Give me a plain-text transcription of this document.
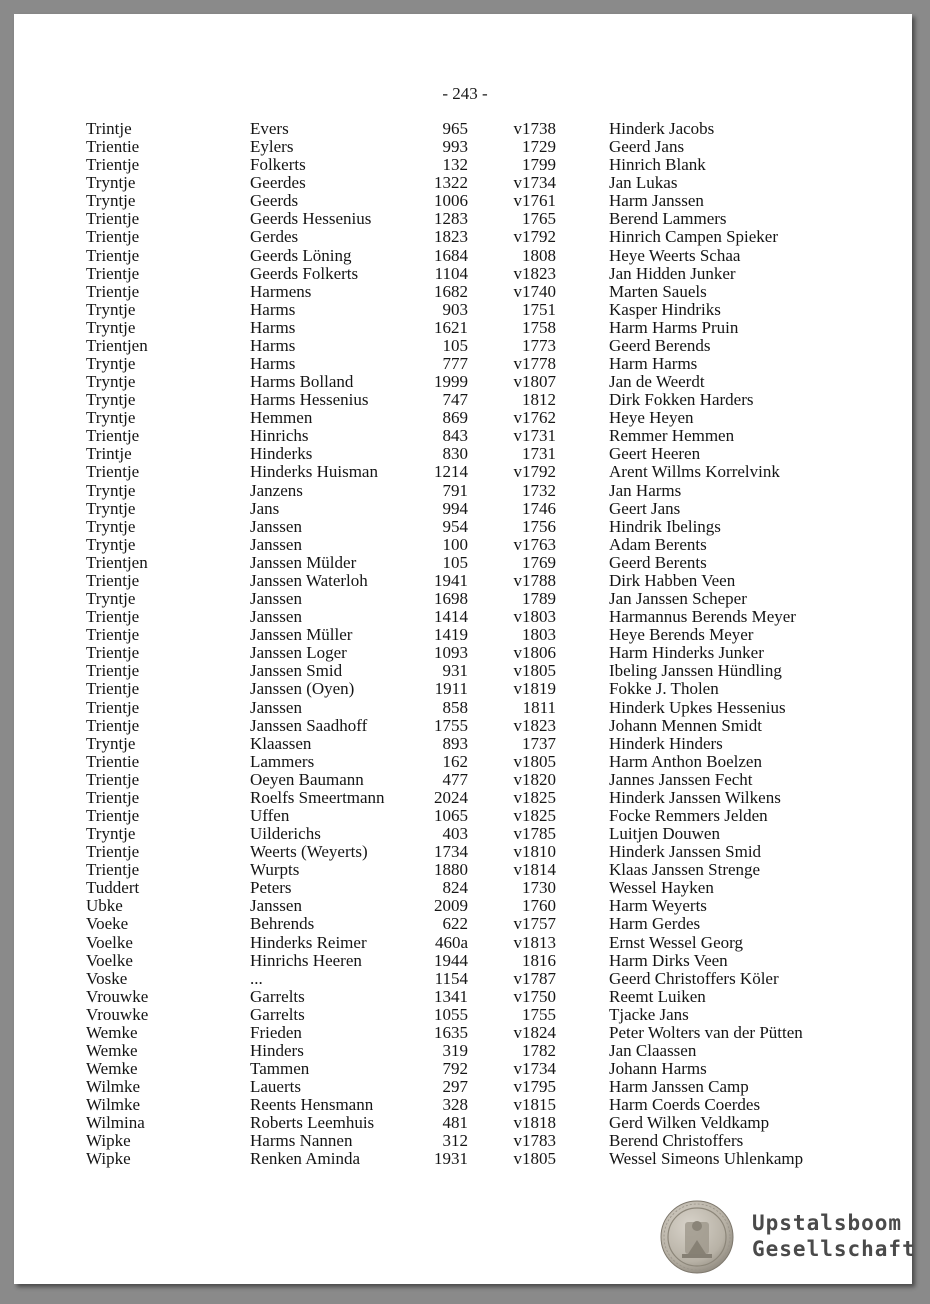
- 243 -
Trintje	Evers	965	v1738	Hinderk Jacobs
Trientie	Eylers	993	1729	Geerd Jans
Trientje	Folkerts	132	1799	Hinrich Blank
Tryntje	Geerdes	1322	v1734	Jan Lukas
Tryntje	Geerds	1006	v1761	Harm Janssen
Trientje	Geerds Hessenius	1283	1765	Berend Lammers
Trientje	Gerdes	1823	v1792	Hinrich Campen Spieker
Trientje	Geerds Löning	1684	1808	Heye Weerts Schaa
Trientje	Geerds Folkerts	1104	v1823	Jan Hidden Junker
Trientje	Harmens	1682	v1740	Marten Sauels
Tryntje	Harms	903	1751	Kasper Hindriks
Tryntje	Harms	1621	1758	Harm Harms Pruin
Trientjen	Harms	105	1773	Geerd Berends
Tryntje	Harms	777	v1778	Harm Harms
Tryntje	Harms Bolland	1999	v1807	Jan de Weerdt
Tryntje	Harms Hessenius	747	1812	Dirk Fokken Harders
Tryntje	Hemmen	869	v1762	Heye Heyen
Trientje	Hinrichs	843	v1731	Remmer Hemmen
Trintje	Hinderks	830	1731	Geert Heeren
Trientje	Hinderks Huisman	1214	v1792	Arent Willms Korrelvink
Tryntje	Janzens	791	1732	Jan Harms
Tryntje	Jans	994	1746	Geert Jans
Tryntje	Janssen	954	1756	Hindrik Ibelings
Tryntje	Janssen	100	v1763	Adam Berents
Trientjen	Janssen Mülder	105	1769	Geerd Berents
Trientje	Janssen Waterloh	1941	v1788	Dirk Habben Veen
Tryntje	Janssen	1698	1789	Jan Janssen Scheper
Trientje	Janssen	1414	v1803	Harmannus Berends Meyer
Trientje	Janssen Müller	1419	1803	Heye Berends Meyer
Trientje	Janssen Loger	1093	v1806	Harm Hinderks Junker
Trientje	Janssen Smid	931	v1805	Ibeling Janssen Hündling
Trientje	Janssen (Oyen)	1911	v1819	Fokke J. Tholen
Trientje	Janssen	858	1811	Hinderk Upkes Hessenius
Trientje	Janssen Saadhoff	1755	v1823	Johann Mennen Smidt
Tryntje	Klaassen	893	1737	Hinderk Hinders
Trientie	Lammers	162	v1805	Harm Anthon Boelzen
Trientje	Oeyen Baumann	477	v1820	Jannes Janssen Fecht
Trientje	Roelfs Smeertmann	2024	v1825	Hinderk Janssen Wilkens
Trientje	Uffen	1065	v1825	Focke Remmers Jelden
Tryntje	Uilderichs	403	v1785	Luitjen Douwen
Trientje	Weerts (Weyerts)	1734	v1810	Hinderk Janssen Smid
Trientje	Wurpts	1880	v1814	Klaas Janssen Strenge
Tuddert	Peters	824	1730	Wessel Hayken
Ubke	Janssen	2009	1760	Harm Weyerts
Voeke	Behrends	622	v1757	Harm Gerdes
Voelke	Hinderks Reimer	460a	v1813	Ernst Wessel Georg
Voelke	Hinrichs Heeren	1944	1816	Harm Dirks Veen
Voske	...	1154	v1787	Geerd Christoffers Köler
Vrouwke	Garrelts	1341	v1750	Reemt Luiken
Vrouwke	Garrelts	1055	1755	Tjacke Jans
Wemke	Frieden	1635	v1824	Peter Wolters van der Pütten
Wemke	Hinders	319	1782	Jan Claassen
Wemke	Tammen	792	v1734	Johann Harms
Wilmke	Lauerts	297	v1795	Harm Janssen Camp
Wilmke	Reents Hensmann	328	v1815	Harm Coerds Coerdes
Wilmina	Roberts Leemhuis	481	v1818	Gerd Wilken Veldkamp
Wipke	Harms Nannen	312	v1783	Berend Christoffers
Wipke	Renken Aminda	1931	v1805	Wessel Simeons Uhlenkamp
Upstalsboom
Gesellschaft
